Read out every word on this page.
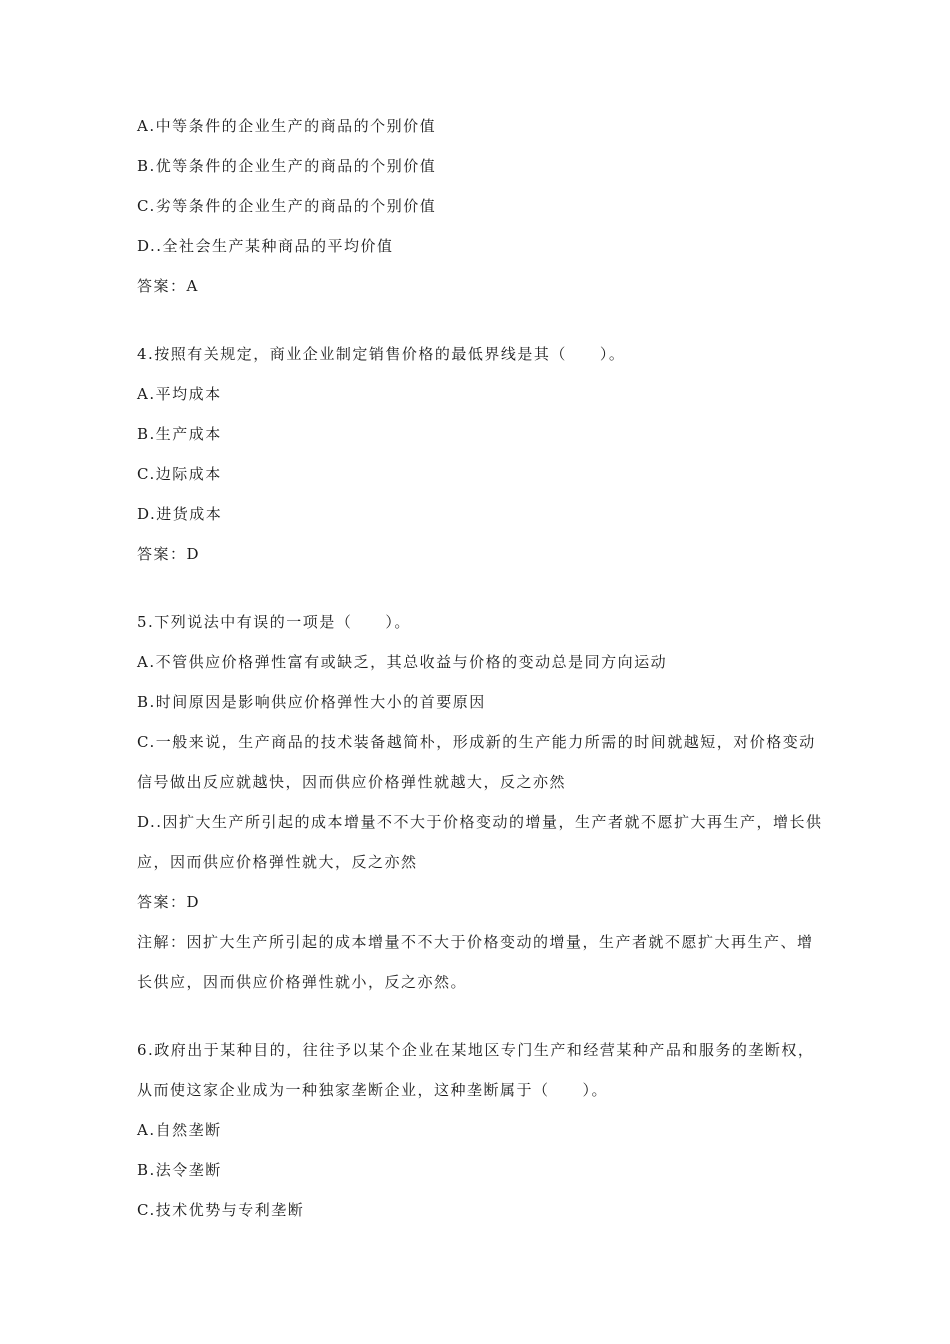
A.中等条件的企业生产的商品的个别价值
B.优等条件的企业生产的商品的个别价值
C.劣等条件的企业生产的商品的个别价值
D..全社会生产某种商品的平均价值
答案：A
4.按照有关规定，商业企业制定销售价格的最低界线是其（　　）。
A.平均成本
B.生产成本
C.边际成本
D.进货成本
答案：D
5.下列说法中有误的一项是（　　）。
A.不管供应价格弹性富有或缺乏，其总收益与价格的变动总是同方向运动
B.时间原因是影响供应价格弹性大小的首要原因
C.一般来说，生产商品的技术装备越简朴，形成新的生产能力所需的时间就越短，对价格变动
信号做出反应就越快，因而供应价格弹性就越大，反之亦然
D..因扩大生产所引起的成本增量不不大于价格变动的增量，生产者就不愿扩大再生产，增长供
应，因而供应价格弹性就大，反之亦然
答案：D
注解：因扩大生产所引起的成本增量不不大于价格变动的增量，生产者就不愿扩大再生产、增
长供应，因而供应价格弹性就小，反之亦然。
6.政府出于某种目的，往往予以某个企业在某地区专门生产和经营某种产品和服务的垄断权，
从而使这家企业成为一种独家垄断企业，这种垄断属于（　　）。
A.自然垄断
B.法令垄断
C.技术优势与专利垄断
